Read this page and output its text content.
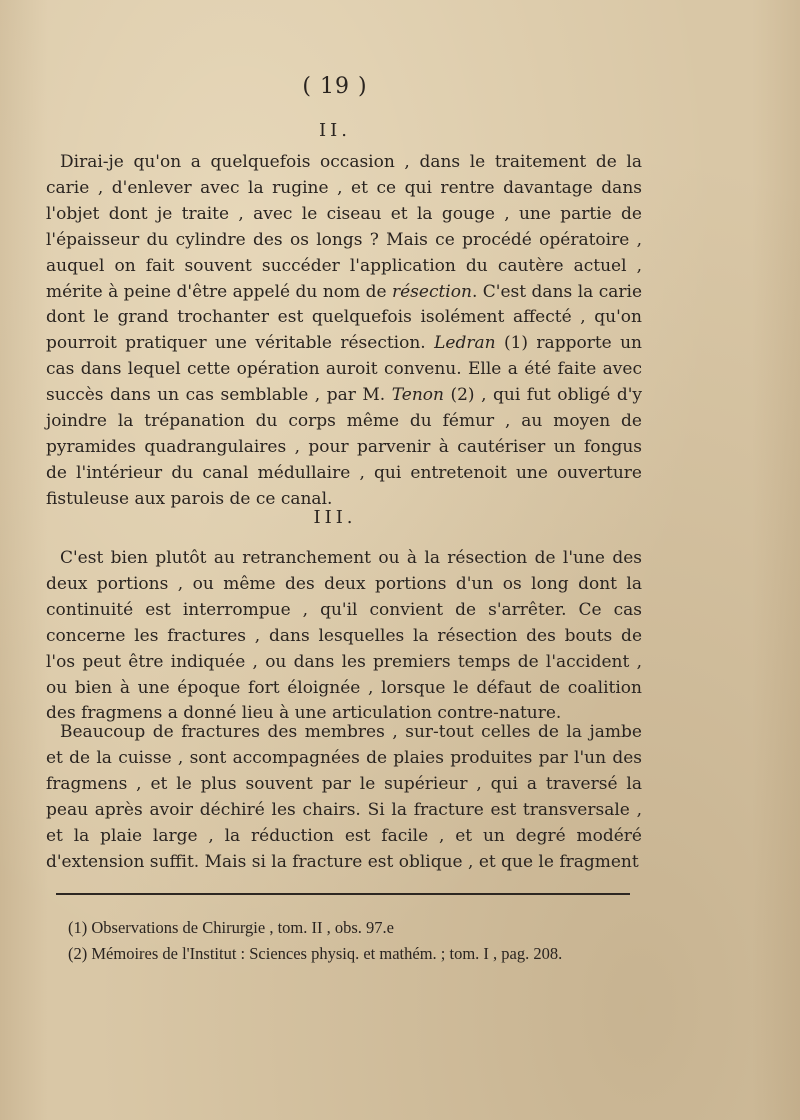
( 19 )
II.

Dirai-je qu'on a quelquefois occasion , dans le traitement de la carie , d'enlever avec la rugine , et ce qui rentre davantage dans l'objet dont je traite , avec le ciseau et la gouge , une partie de l'épaisseur du cylindre des os longs ? Mais ce procédé opératoire , auquel on fait souvent succéder l'application du cautère actuel , mérite à peine d'être appelé du nom de résection. C'est dans la carie dont le grand trochanter est quelquefois isolément affecté , qu'on pourroit pratiquer une véritable résection. Ledran (1) rapporte un cas dans lequel cette opération auroit convenu. Elle a été faite avec succès dans un cas semblable , par M. Tenon (2) , qui fut obligé d'y joindre la trépanation du corps même du fémur , au moyen de pyramides quadrangulaires , pour parvenir à cautériser un fongus de l'intérieur du canal médullaire , qui entretenoit une ouverture fistuleuse aux parois de ce canal.

III.

C'est bien plutôt au retranchement ou à la résection de l'une des deux portions , ou même des deux portions d'un os long dont la continuité est interrompue , qu'il convient de s'arrêter. Ce cas concerne les fractures , dans lesquelles la résection des bouts de l'os peut être indiquée , ou dans les premiers temps de l'accident , ou bien à une époque fort éloignée , lorsque le défaut de coalition des fragmens a donné lieu à une articulation contre-nature.

Beaucoup de fractures des membres , sur-tout celles de la jambe et de la cuisse , sont accompagnées de plaies produites par l'un des fragmens , et le plus souvent par le supérieur , qui a traversé la peau après avoir déchiré les chairs. Si la fracture est transversale , et la plaie large , la réduction est facile , et un degré modéré d'extension suffit. Mais si la fracture est oblique , et que le fragment

(1) Observations de Chirurgie , tom. II , obs. 97.e
(2) Mémoires de l'Institut : Sciences physiq. et mathém. ; tom. I , pag. 208.
